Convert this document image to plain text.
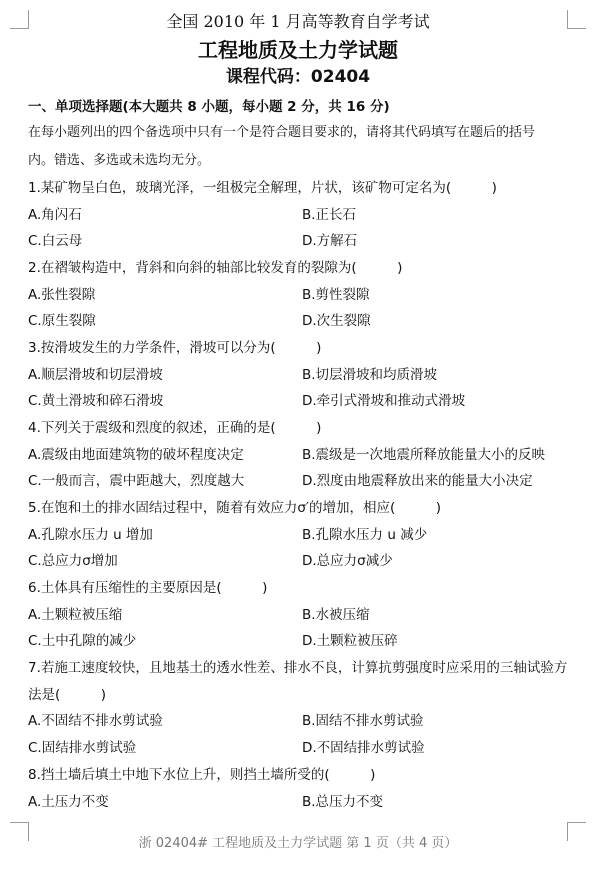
全国 2010 年 1 月高等教育自学考试
工程地质及土力学试题
课程代码：02404
一、单项选择题(本大题共 8 小题，每小题 2 分，共 16 分)
在每小题列出的四个备选项中只有一个是符合题目要求的，请将其代码填写在题后的括号
内。错选、多选或未选均无分。
1.某矿物呈白色，玻璃光泽，一组极完全解理，片状，该矿物可定名为(　　　)
A.角闪石	B.正长石
C.白云母	D.方解石
2.在褶皱构造中，背斜和向斜的轴部比较发育的裂隙为(　　　)
A.张性裂隙	B.剪性裂隙
C.原生裂隙	D.次生裂隙
3.按滑坡发生的力学条件，滑坡可以分为(　　　)
A.顺层滑坡和切层滑坡	B.切层滑坡和均质滑坡
C.黄土滑坡和碎石滑坡	D.牵引式滑坡和推动式滑坡
4.下列关于震级和烈度的叙述，正确的是(　　　)
A.震级由地面建筑物的破坏程度决定	B.震级是一次地震所释放能量大小的反映
C.一般而言，震中距越大，烈度越大	D.烈度由地震释放出来的能量大小决定
5.在饱和土的排水固结过程中，随着有效应力σ′的增加，相应(　　　)
A.孔隙水压力 u 增加	B.孔隙水压力 u 减少
C.总应力σ增加	D.总应力σ减少
6.土体具有压缩性的主要原因是(　　　)
A.土颗粒被压缩	B.水被压缩
C.土中孔隙的减少	D.土颗粒被压碎
7.若施工速度较快，且地基土的透水性差、排水不良，计算抗剪强度时应采用的三轴试验方
法是(　　　)
A.不固结不排水剪试验	B.固结不排水剪试验
C.固结排水剪试验	D.不固结排水剪试验
8.挡土墙后填土中地下水位上升，则挡土墙所受的(　　　)
A.土压力不变	B.总压力不变
浙 02404# 工程地质及土力学试题 第 1 页（共 4 页）
